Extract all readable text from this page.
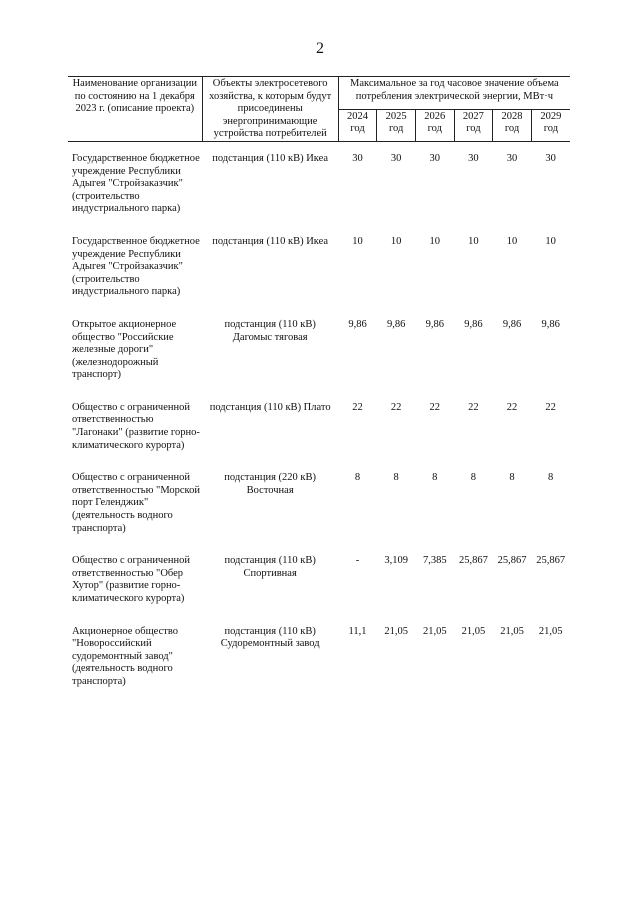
2
Наименование организации по состоянию на 1 декабря 2023 г. (описание проекта)	Объекты электросетевого хозяйства, к которым будут присоединены энергопринимающие устройства потребителей	Максимальное за год часовое значение объема потребления электрической энергии, МВт·ч					
		2024 год	2025 год	2026 год	2027 год	2028 год	2029 год
Государственное бюджетное учреждение Республики Адыгея "Стройзаказчик" (строительство индустриального парка)	подстанция (110 кВ) Икеа	30	30	30	30	30	30
Государственное бюджетное учреждение Республики Адыгея "Стройзаказчик" (строительство индустриального парка)	подстанция (110 кВ) Икеа	10	10	10	10	10	10
Открытое акционерное общество "Российские железные дороги" (железнодорожный транспорт)	подстанция (110 кВ) Дагомыс тяговая	9,86	9,86	9,86	9,86	9,86	9,86
Общество с ограниченной ответственностью "Лагонаки" (развитие горно-климатического курорта)	подстанция (110 кВ) Плато	22	22	22	22	22	22
Общество с ограниченной ответственностью "Морской порт Геленджик" (деятельность водного транспорта)	подстанция (220 кВ) Восточная	8	8	8	8	8	8
Общество с ограниченной ответственностью "Обер Хутор" (развитие горно-климатического курорта)	подстанция (110 кВ) Спортивная	-	3,109	7,385	25,867	25,867	25,867
Акционерное общество "Новороссийский судоремонтный завод" (деятельность водного транспорта)	подстанция (110 кВ) Судоремонтный завод	11,1	21,05	21,05	21,05	21,05	21,05
